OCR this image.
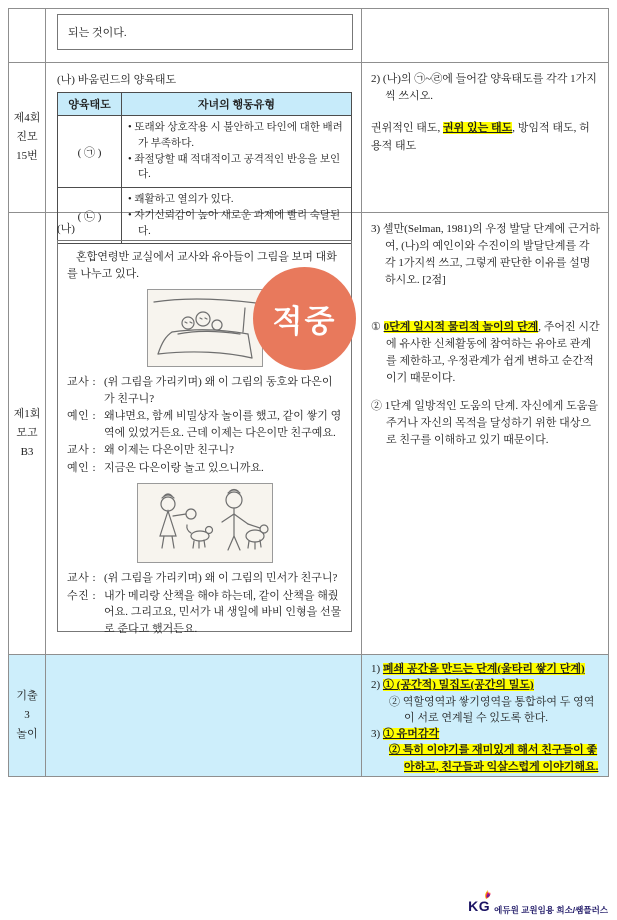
되는 것이다.
제4회
진모
15번
(나) 바움린드의 양육태도
양육태도	자녀의 행동유형
( ㉠ )
• 또래와 상호작용 시 불안하고 타인에 대한 배려가 부족하다.
• 좌절당할 때 적대적이고 공격적인 반응을 보인다.
( ㉡ )
• 쾌활하고 열의가 있다.
• 자기신뢰감이 높아 새로운 과제에 빨리 숙달된다.
2) (나)의 ㉠~㉣에 들어갈 양육태도를 각각 1가지씩 쓰시오.
권위적인 태도, 권위 있는 태도, 방임적 태도, 허용적 태도
제1회
모고
B3
(나)
혼합연령반 교실에서 교사와 유아들이 그림을 보며 대화를 나누고 있다.
교사 : (위 그림을 가리키며) 왜 이 그림의 동호와 다은이가 친구니?
예인 : 왜냐면요, 함께 비밀상자 놀이를 했고, 같이 쌓기 영역에 있었거든요. 근데 이제는 다은이만 친구예요.
교사 : 왜 이제는 다은이만 친구니?
예인 : 지금은 다은이랑 놀고 있으니까요.
교사 : (위 그림을 가리키며) 왜 이 그림의 민서가 친구니?
수진 : 내가 메리랑 산책을 해야 하는데, 같이 산책을 해줬어요. 그리고요, 민서가 내 생일에 바비 인형을 선물로 준다고 했거든요.
적중
3) 셀만(Selman, 1981)의 우정 발달 단계에 근거하여, (나)의 예인이와 수진이의 발달단계를 각각 1가지씩 쓰고, 그렇게 판단한 이유를 설명하시오. [2점]
① 0단계 일시적 물리적 놀이의 단계, 주어진 시간에 유사한 신체활동에 참여하는 유아로 관계를 제한하고, 우정관계가 쉽게 변하고 순간적이기 때문이다.
② 1단계 일방적인 도움의 단계. 자신에게 도움을 주거나 자신의 목적을 달성하기 위한 대상으로 친구를 이해하고 있기 때문이다.
기출
3
놀이
1) 폐쇄 공간을 만드는 단계(울타리 쌓기 단계)
2) ① (공간적) 밀집도(공간의 밀도)
② 역할영역과 쌓기영역을 통합하여 두 영역이 서로 연계될 수 있도록 한다.
3) ① 유머감각
② 특히 이야기를 재미있게 해서 친구들이 좋아하고, 친구들과 익살스럽게 이야기해요.
KG 에듀원 교원임용 희소/쌤플러스
